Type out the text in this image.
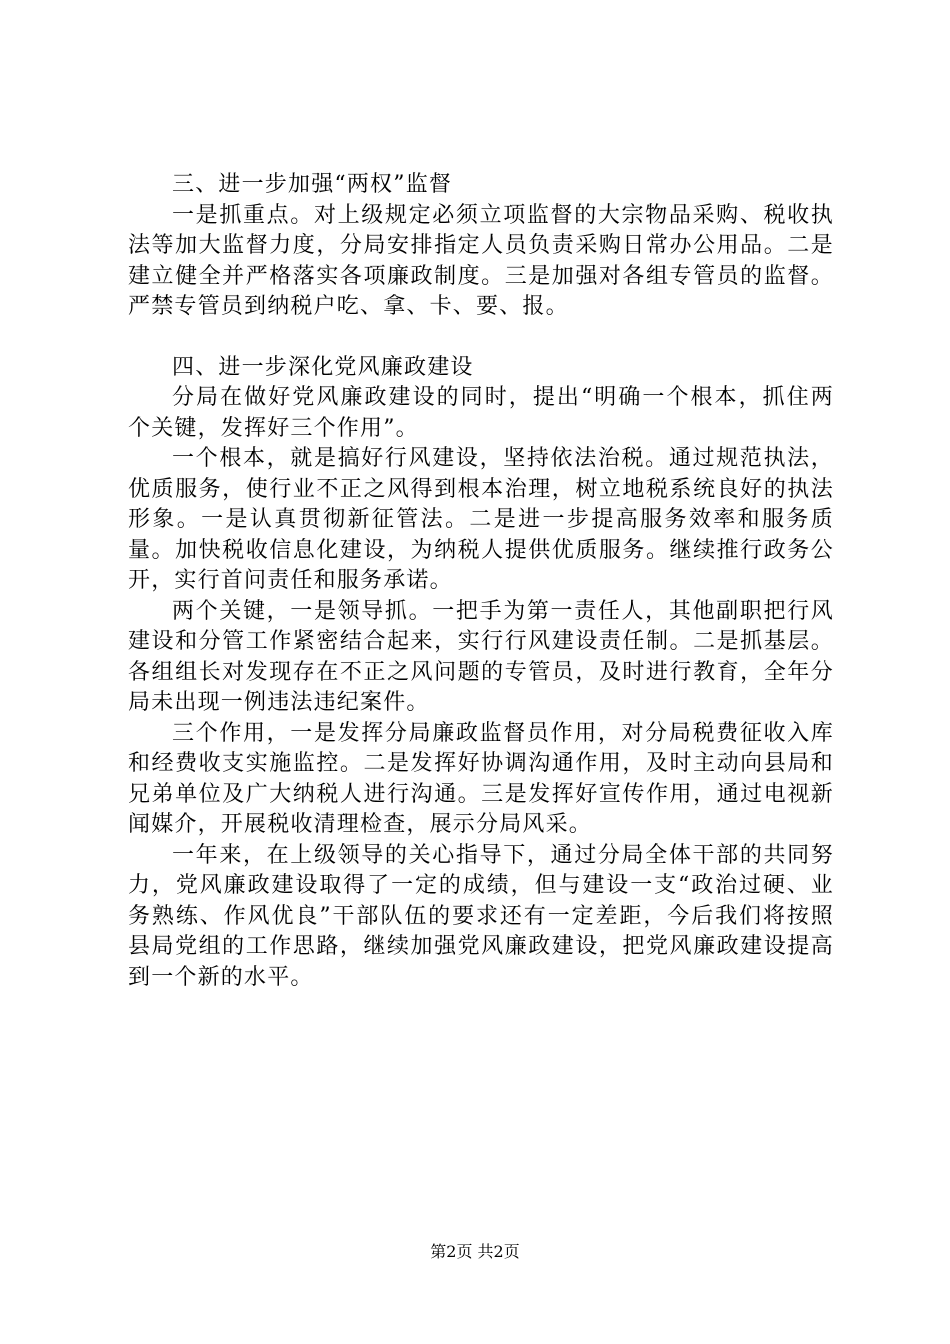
三、进一步加强“两权”监督

一是抓重点。对上级规定必须立项监督的大宗物品采购、税收执法等加大监督力度，分局安排指定人员负责采购日常办公用品。二是建立健全并严格落实各项廉政制度。三是加强对各组专管员的监督。严禁专管员到纳税户吃、拿、卡、要、报。

四、进一步深化党风廉政建设

分局在做好党风廉政建设的同时，提出“明确一个根本，抓住两个关键，发挥好三个作用”。

一个根本，就是搞好行风建设，坚持依法治税。通过规范执法，优质服务，使行业不正之风得到根本治理，树立地税系统良好的执法形象。一是认真贯彻新征管法。二是进一步提高服务效率和服务质量。加快税收信息化建设，为纳税人提供优质服务。继续推行政务公开，实行首问责任和服务承诺。

两个关键，一是领导抓。一把手为第一责任人，其他副职把行风建设和分管工作紧密结合起来，实行行风建设责任制。二是抓基层。各组组长对发现存在不正之风问题的专管员，及时进行教育，全年分局未出现一例违法违纪案件。

三个作用，一是发挥分局廉政监督员作用，对分局税费征收入库和经费收支实施监控。二是发挥好协调沟通作用，及时主动向县局和兄弟单位及广大纳税人进行沟通。三是发挥好宣传作用，通过电视新闻媒介，开展税收清理检查，展示分局风采。

一年来，在上级领导的关心指导下，通过分局全体干部的共同努力，党风廉政建设取得了一定的成绩，但与建设一支“政治过硬、业务熟练、作风优良”干部队伍的要求还有一定差距，今后我们将按照县局党组的工作思路，继续加强党风廉政建设，把党风廉政建设提高到一个新的水平。

第2页 共2页
